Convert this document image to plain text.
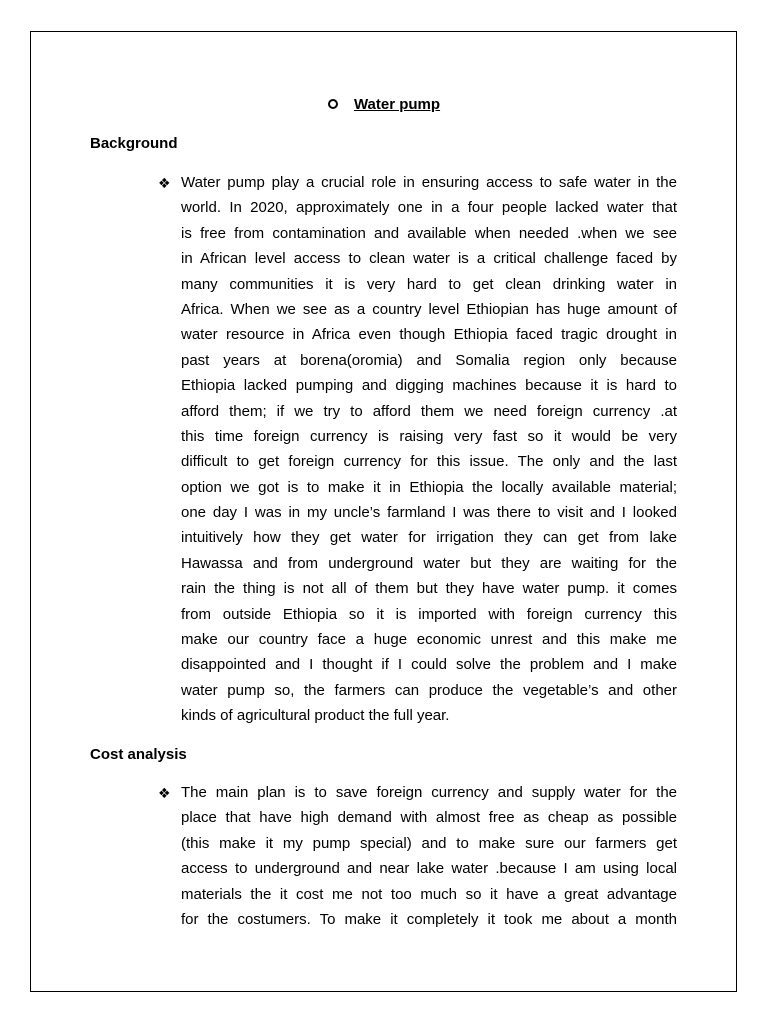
Water pump
Background
❖ Water pump play a crucial role in ensuring access to safe water in the
world. In 2020, approximately one in a four people lacked water that
is free from contamination and available when needed .when we see
in African level access to clean water is a critical challenge faced by
many communities it is very hard to get clean drinking water in
Africa. When we see as a country level Ethiopian has huge amount of
water resource in Africa even though Ethiopia faced tragic drought in
past years at borena(oromia) and Somalia region only because
Ethiopia lacked pumping and digging machines because it is hard to
afford them; if we try to afford them we need foreign currency .at
this time foreign currency is raising very fast so it would be very
difficult to get foreign currency for this issue. The only and the last
option we got is to make it in Ethiopia the locally available material;
one day I was in my uncle’s farmland I was there to visit and I looked
intuitively how they get water for irrigation they can get from lake
Hawassa and from underground water but they are waiting for the
rain the thing is not all of them but they have water pump. it comes
from outside Ethiopia so it is imported with foreign currency this
make our country face a huge economic unrest and this make me
disappointed and I thought if I could solve the problem and I make
water pump so, the farmers can produce the vegetable’s and other
kinds of agricultural product the full year.
Cost analysis
❖ The main plan is to save foreign currency and supply water for the
place that have high demand with almost free as cheap as possible
(this make it my pump special) and to make sure our farmers get
access to underground and near lake water .because I am using local
materials the it cost me not too much so it have a great advantage
for the costumers. To make it completely it took me about a month
